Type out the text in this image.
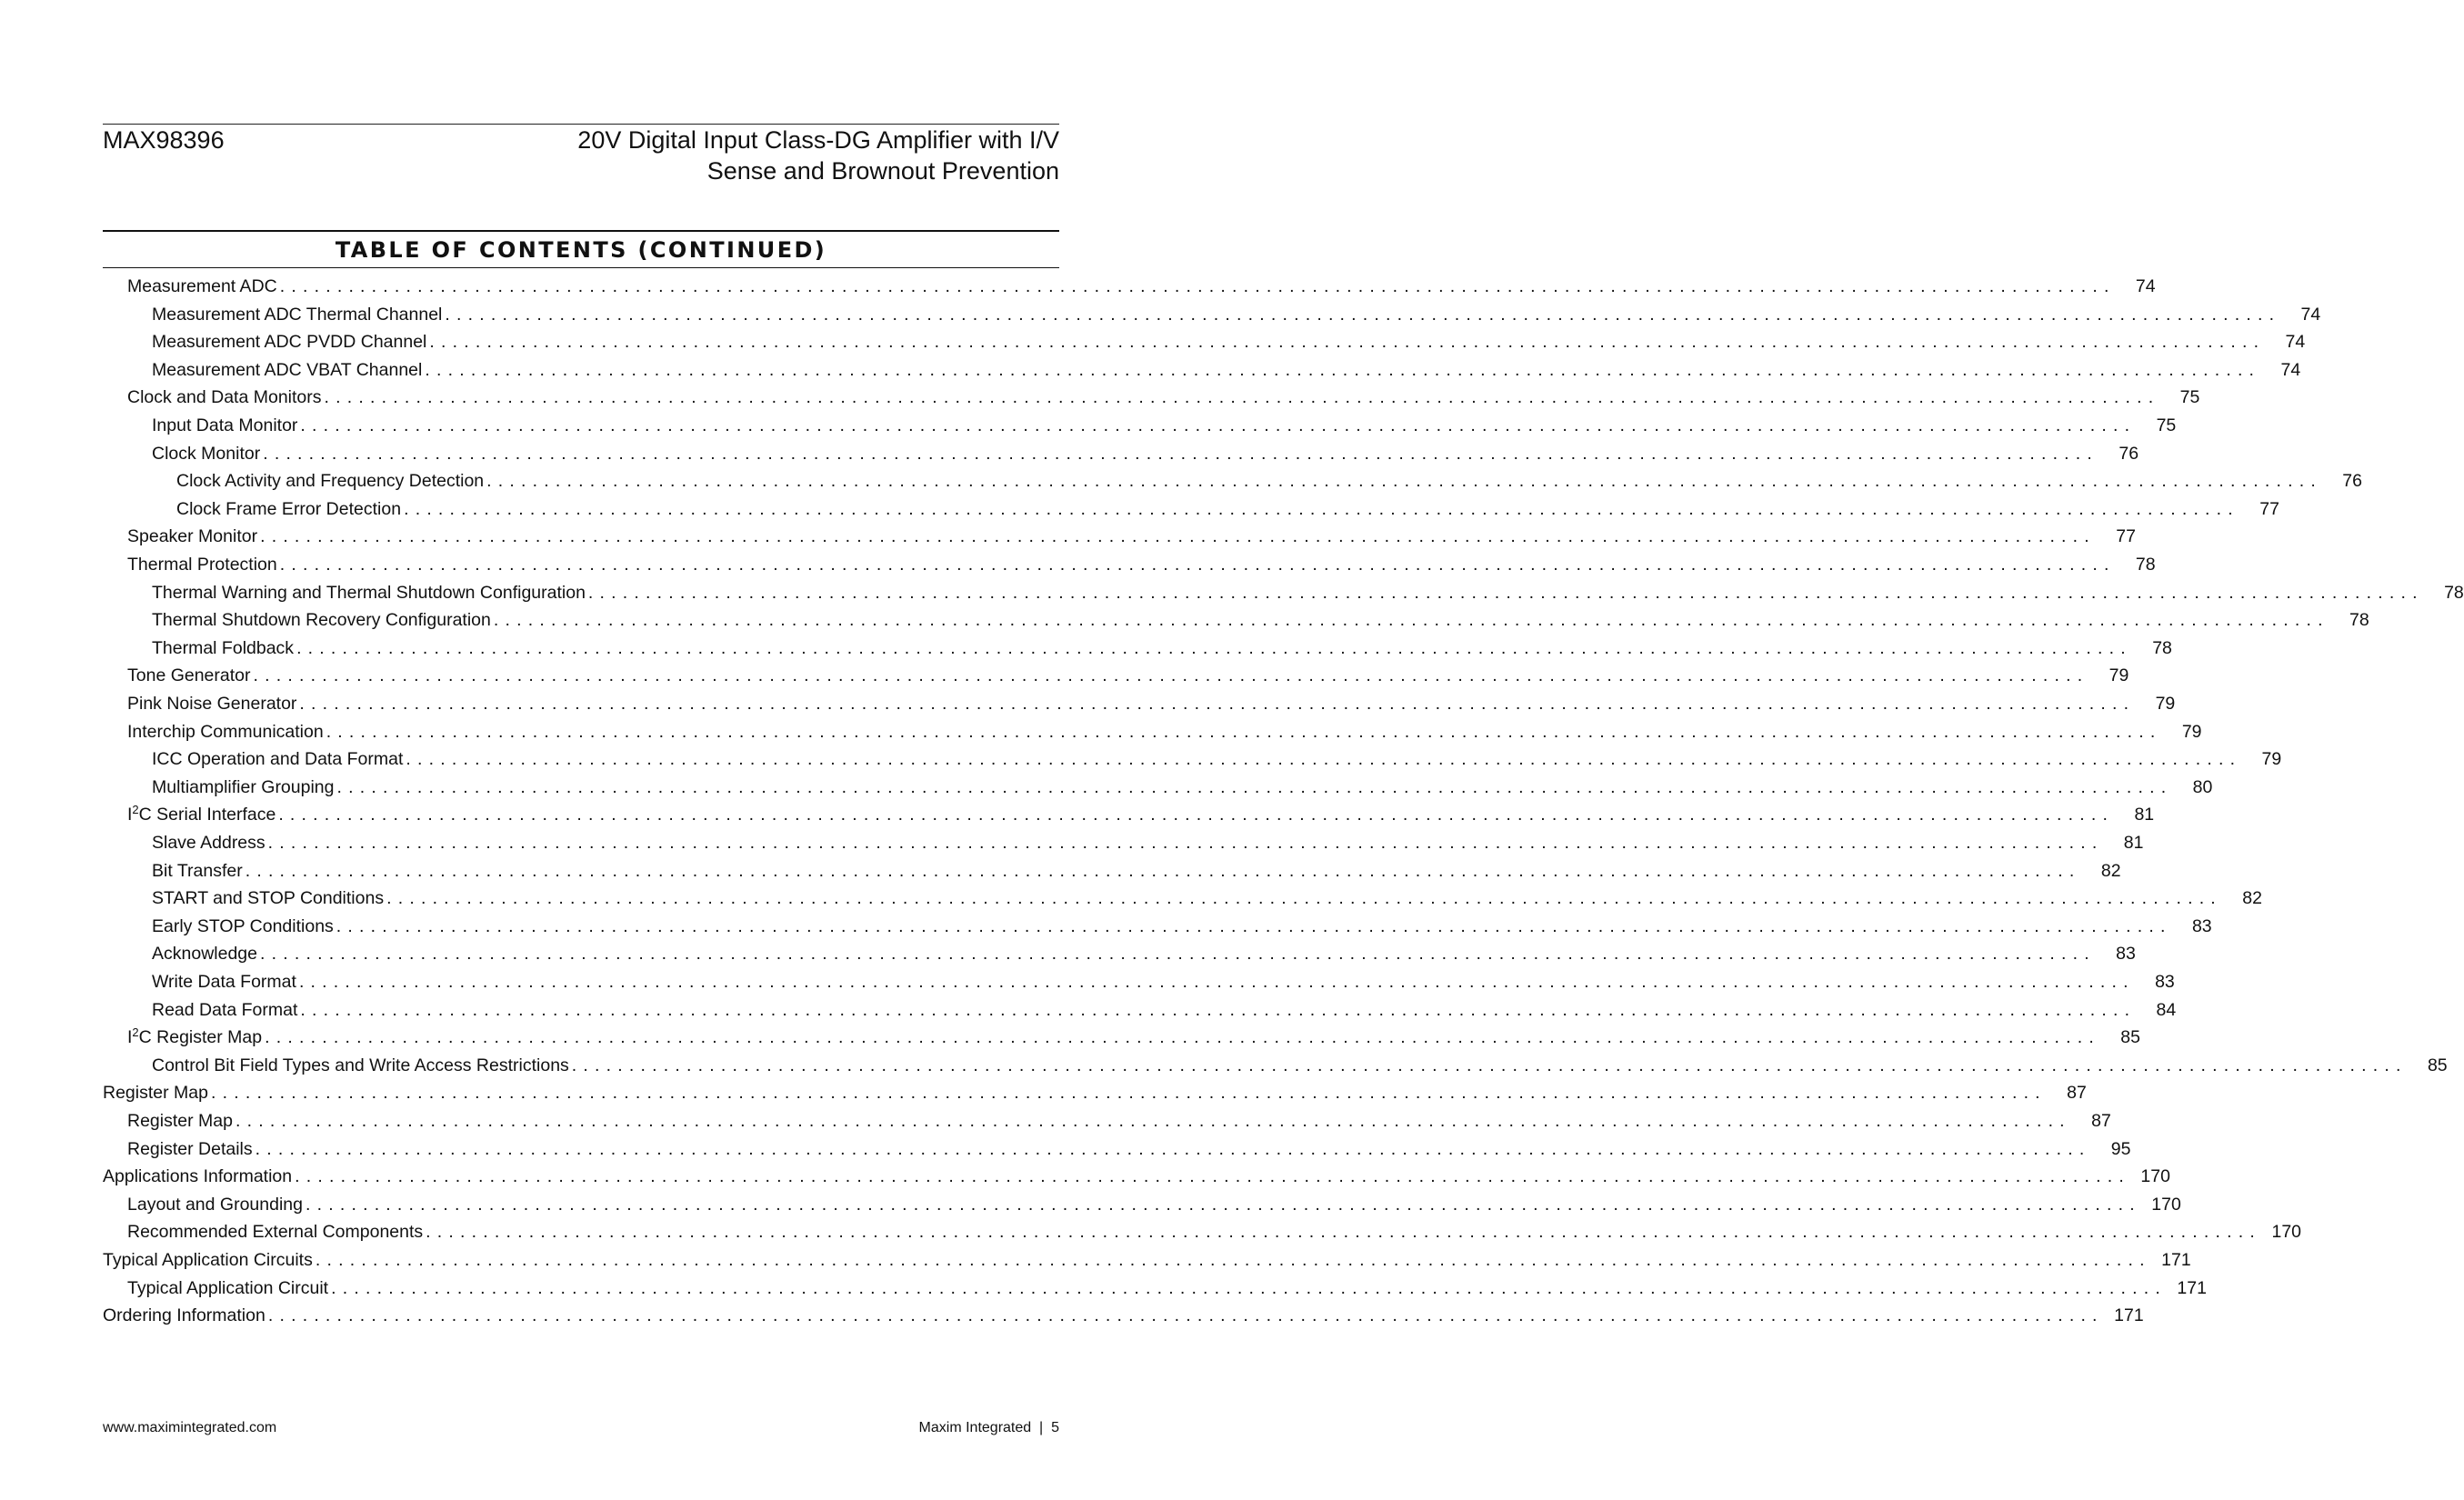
MAX98396	20V Digital Input Class-DG Amplifier with I/V
Sense and Brownout Prevention
TABLE OF CONTENTS (CONTINUED)
Measurement ADC ................................................................................................................................................................	74
Measurement ADC Thermal Channel ................................................................................................................................................................	74
Measurement ADC PVDD Channel ................................................................................................................................................................	74
Measurement ADC VBAT Channel ................................................................................................................................................................	74
Clock and Data Monitors ................................................................................................................................................................	75
Input Data Monitor ................................................................................................................................................................	75
Clock Monitor ................................................................................................................................................................	76
Clock Activity and Frequency Detection ................................................................................................................................................................	76
Clock Frame Error Detection ................................................................................................................................................................	77
Speaker Monitor ................................................................................................................................................................	77
Thermal Protection ................................................................................................................................................................	78
Thermal Warning and Thermal Shutdown Configuration ................................................................................................................................................................	78
Thermal Shutdown Recovery Configuration ................................................................................................................................................................	78
Thermal Foldback ................................................................................................................................................................	78
Tone Generator ................................................................................................................................................................	79
Pink Noise Generator ................................................................................................................................................................	79
Interchip Communication ................................................................................................................................................................	79
ICC Operation and Data Format ................................................................................................................................................................	79
Multiamplifier Grouping ................................................................................................................................................................	80
$I^2C$ Serial Interface ................................................................................................................................................................	81
Slave Address ................................................................................................................................................................	81
Bit Transfer ................................................................................................................................................................	82
START and STOP Conditions ................................................................................................................................................................	82
Early STOP Conditions ................................................................................................................................................................	83
Acknowledge ................................................................................................................................................................	83
Write Data Format ................................................................................................................................................................	83
Read Data Format ................................................................................................................................................................	84
$I^2C$ Register Map ................................................................................................................................................................	85
Control Bit Field Types and Write Access Restrictions ................................................................................................................................................................	85
Register Map ................................................................................................................................................................	87
Register Map ................................................................................................................................................................	87
Register Details ................................................................................................................................................................	95
Applications Information ................................................................................................................................................................ 170
Layout and Grounding ................................................................................................................................................................ 170
Recommended External Components ................................................................................................................................................................ 170
Typical Application Circuits ................................................................................................................................................................ 171
Typical Application Circuit ................................................................................................................................................................ 171
Ordering Information ................................................................................................................................................................ 171
www.maximintegrated.com	Maxim Integrated | 5
